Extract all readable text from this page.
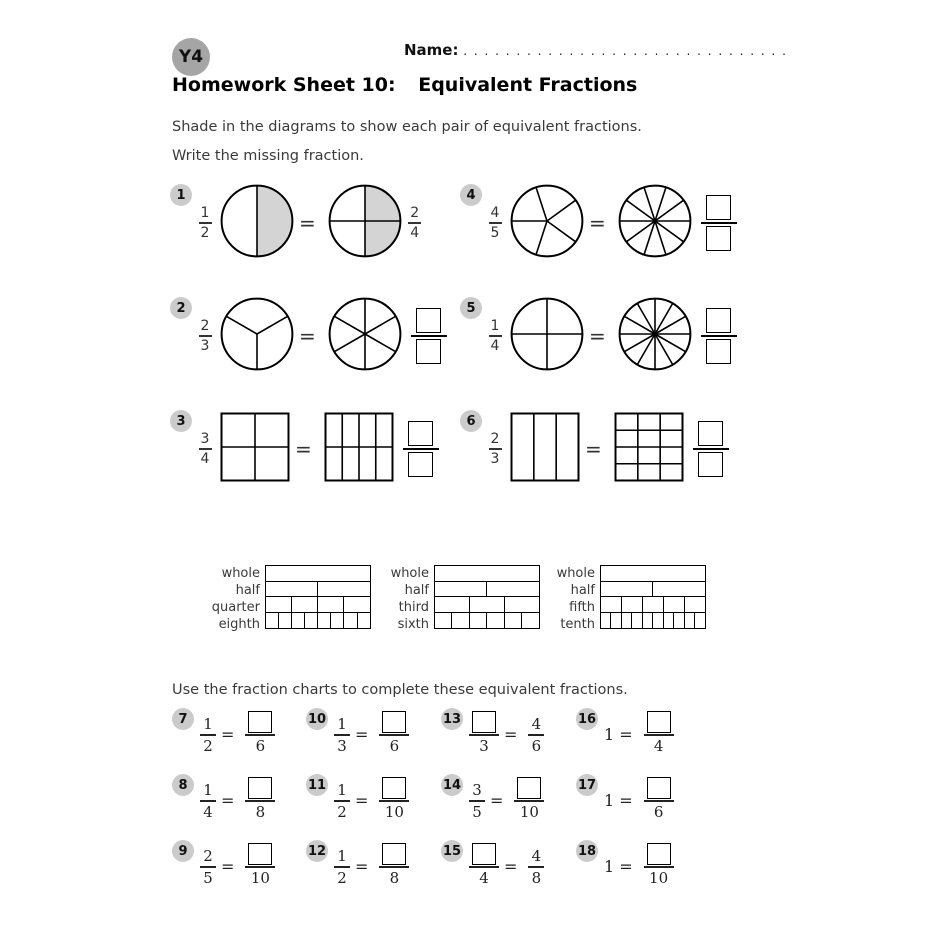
Y4	Name: . . . . . . . . . . . . . . . . . . . . . . . . . . . . . . .
Homework Sheet 10: Equivalent Fractions
Shade in the diagrams to show each pair of equivalent fractions.
Write the missing fraction.
Use the fraction charts to complete these equivalent fractions.
1
1
2	=	2
4
4
4
5	=
2
2
3	=
5
1
4	=
3
3
4	=
6
2
3	=
whole
half
quarter
eighth
whole
half
third
sixth
whole
half
fifth
tenth
7	1
2
=
6
10 1
3
=
6
13
3
=
4
6
16
1 =
4
8	1
4
=
8
11 1
2
=
10
14 3
5
=
10
17
1 =
6
9	2
5
=
10
12 1
2
=
8
15
4
=
4
8
18
1 =
10
